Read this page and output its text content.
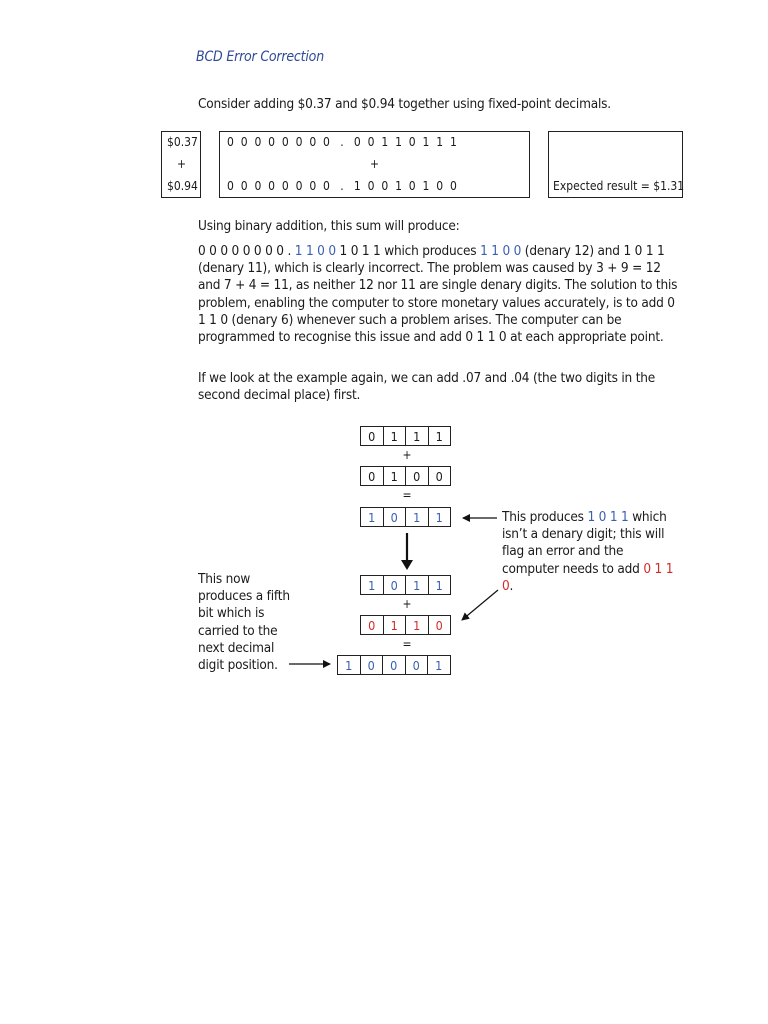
BCD Error Correction
Consider adding $0.37 and $0.94 together using fixed-point decimals.
$0.37
+
$0.94
0  0  0  0  0  0  0  0   .   0  0  1  1  0  1  1  1
+
0  0  0  0  0  0  0  0   .   1  0  0  1  0  1  0  0	Expected result = $1.31
Using binary addition, this sum will produce:
0 0 0 0 0 0 0 0 . 1 1 0 0 1 0 1 1 which produces 1 1 0 0 (denary 12) and 1 0 1 1 (denary 11), which is clearly incorrect. The problem was caused by 3 + 9 = 12 and 7 + 4 = 11, as neither 12 nor 11 are single denary digits. The solution to this problem, enabling the computer to store monetary values accurately, is to add 0 1 1 0 (denary 6) whenever such a problem arises. The computer can be programmed to recognise this issue and add 0 1 1 0 at each appropriate point.
If we look at the example again, we can add .07 and .04 (the two digits in the second decimal place) first.
0	1	1	1
+
0	1	0	0
=
1	0	1	1
1	0	1	1
+
0	1	1	0
=
1	0	0	0	1
This produces 1 0 1 1 which isn’t a denary digit; this will flag an error and the computer needs to add 0 1 1 0.
This now produces a fifth bit which is carried to the next decimal digit position.
